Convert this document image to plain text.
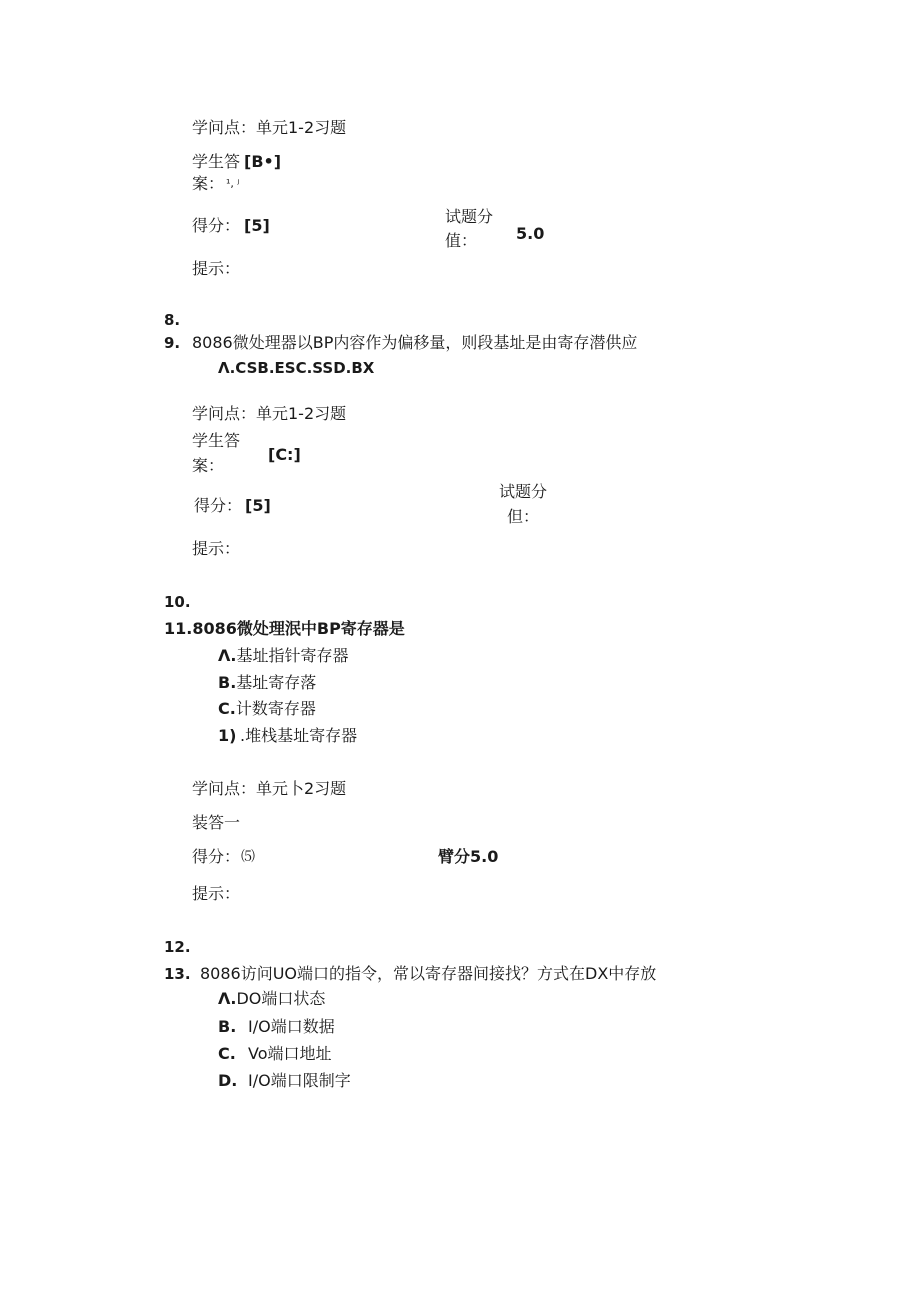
学问点：单元1-2习题
学生答 [B•]
案： ¹, ʲ
得分： [5]	试题分
值： 5.0
提示：
8.
9. 8086微处理器以BP内容作为偏移量，则段基址是由寄存潜供应
Λ.CSB.ESC.SSD.BX
学问点：单元1-2习题
学生答
案：
[C:]
得分： [5]
试题分
但：
提示：
10.
11.8086微处理泯中BP寄存器是
Λ.基址指针寄存器
B.基址寄存落
C.计数寄存器
1) .堆栈基址寄存器
学问点：单元卜2习题
装答一
得分： ⑸	臂分5.0
提示：
12.
13. 8086访问UO端口的指令，常以寄存器间接找？方式在DX中存放
Λ.DO端口状态
B. I/O端口数据
C. Vo端口地址
D. I/O端口限制字
